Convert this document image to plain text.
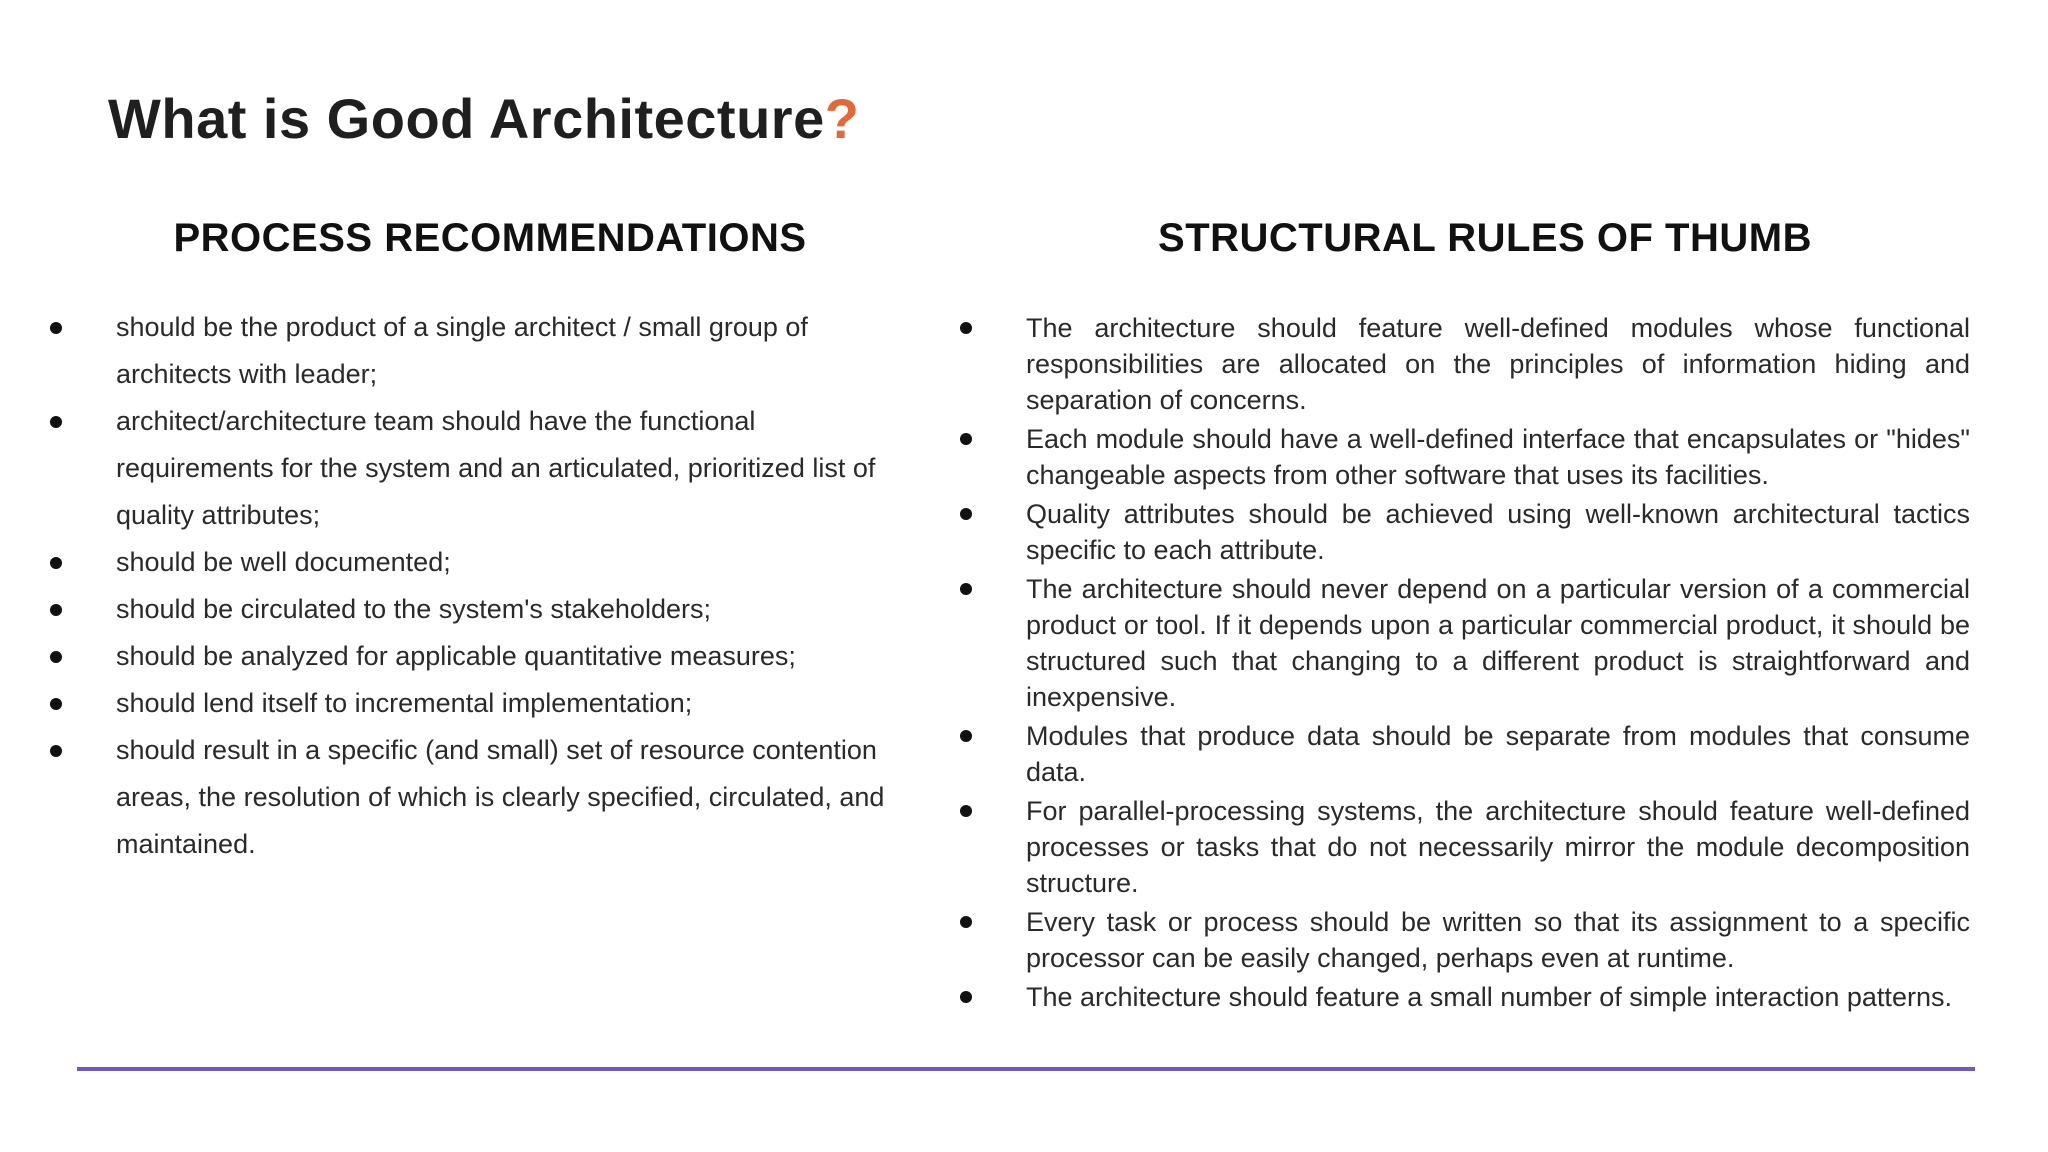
What is Good Architecture?
PROCESS RECOMMENDATIONS	STRUCTURAL RULES OF THUMB
should be the product of a single architect / small group of architects with leader;
architect/architecture team should have the functional requirements for the system and an articulated, prioritized list of quality attributes;
should be well documented;
should be circulated to the system's stakeholders;
should be analyzed for applicable quantitative measures;
should lend itself to incremental implementation;
should result in a specific (and small) set of resource contention areas, the resolution of which is clearly specified, circulated, and maintained.
The architecture should feature well-defined modules whose functional responsibilities are allocated on the principles of information hiding and separation of concerns.
Each module should have a well-defined interface that encapsulates or "hides" changeable aspects from other software that uses its facilities.
Quality attributes should be achieved using well-known architectural tactics specific to each attribute.
The architecture should never depend on a particular version of a commercial product or tool. If it depends upon a particular commercial product, it should be structured such that changing to a different product is straightforward and inexpensive.
Modules that produce data should be separate from modules that consume data.
For parallel-processing systems, the architecture should feature well-defined processes or tasks that do not necessarily mirror the module decomposition structure.
Every task or process should be written so that its assignment to a specific processor can be easily changed, perhaps even at runtime.
The architecture should feature a small number of simple interaction patterns.
